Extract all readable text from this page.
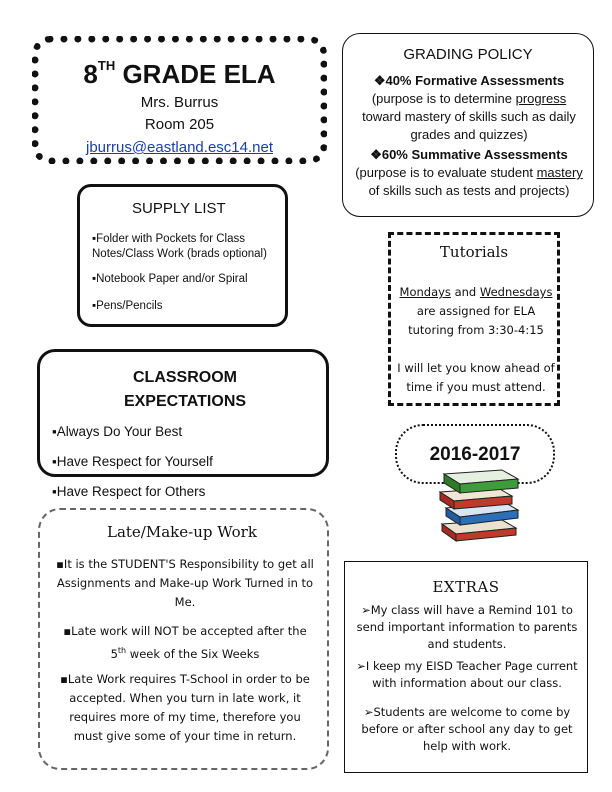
8TH GRADE ELA
Mrs. Burrus
Room 205
jburrus@eastland.esc14.net
SUPPLY LIST
▪Folder with Pockets for Class Notes/Class Work (brads optional)
▪Notebook Paper and/or Spiral
▪Pens/Pencils
CLASSROOM EXPECTATIONS
▪Always Do Your Best
▪Have Respect for Yourself
▪Have Respect for Others
Late/Make-up Work
▪It is the STUDENT'S Responsibility to get all Assignments and Make-up Work Turned in to Me.
▪Late work will NOT be accepted after the 5th week of the Six Weeks
▪Late Work requires T-School in order to be accepted. When you turn in late work, it requires more of my time, therefore you must give some of your time in return.
GRADING POLICY
❖40% Formative Assessments
(purpose is to determine progress toward mastery of skills such as daily grades and quizzes)
❖60% Summative Assessments
(purpose is to evaluate student mastery of skills such as tests and projects)
Tutorials
Mondays and Wednesdays are assigned for ELA tutoring from 3:30-4:15
I will let you know ahead of time if you must attend.
2016-2017
EXTRAS
➢My class will have a Remind 101 to send important information to parents and students.
➢I keep my EISD Teacher Page current with information about our class.
➢Students are welcome to come by before or after school any day to get help with work.
